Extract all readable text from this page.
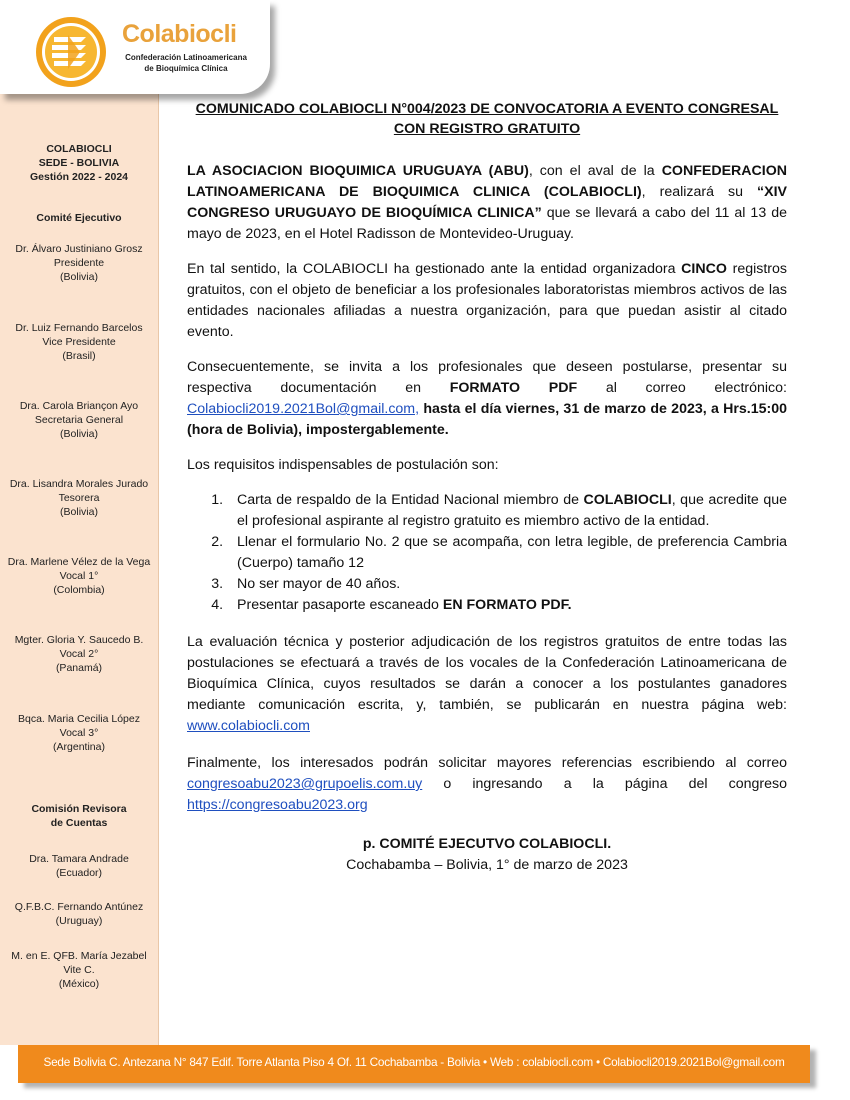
Colabiocli
Confederación Latinoamericana
de Bioquímica Clínica
COLABIOCLI
SEDE - BOLIVIA
Gestión 2022 - 2024
Comité Ejecutivo
Dr. Álvaro Justiniano Grosz
Presidente
(Bolivia)
Dr. Luiz Fernando Barcelos
Vice Presidente
(Brasil)
Dra. Carola Briançon Ayo
Secretaria General
(Bolivia)
Dra. Lisandra Morales Jurado
Tesorera
(Bolivia)
Dra. Marlene Vélez de la Vega
Vocal 1°
(Colombia)
Mgter. Gloria Y. Saucedo B.
Vocal 2°
(Panamá)
Bqca. Maria Cecilia López
Vocal 3°
(Argentina)
Comisión Revisora
de Cuentas
Dra. Tamara Andrade
(Ecuador)
Q.F.B.C. Fernando Antúnez
(Uruguay)
M. en E. QFB. María Jezabel
Vite C.
(México)
COMUNICADO COLABIOCLI N°004/2023 DE CONVOCATORIA A EVENTO CONGRESAL
CON REGISTRO GRATUITO

LA ASOCIACION BIOQUIMICA URUGUAYA (ABU), con el aval de la CONFEDERACION LATINOAMERICANA DE BIOQUIMICA CLINICA (COLABIOCLI), realizará su “XIV CONGRESO URUGUAYO DE BIOQUÍMICA CLINICA” que se llevará a cabo del 11 al 13 de mayo de 2023, en el Hotel Radisson de Montevideo-Uruguay.

En tal sentido, la COLABIOCLI ha gestionado ante la entidad organizadora CINCO registros gratuitos, con el objeto de beneficiar a los profesionales laboratoristas miembros activos de las entidades nacionales afiliadas a nuestra organización, para que puedan asistir al citado evento.

Consecuentemente, se invita a los profesionales que deseen postularse, presentar su respectiva documentación en FORMATO PDF al correo electrónico: Colabiocli2019.2021Bol@gmail.com, hasta el día viernes, 31 de marzo de 2023, a Hrs.15:00 (hora de Bolivia), impostergablemente.

Los requisitos indispensables de postulación son:

1. Carta de respaldo de la Entidad Nacional miembro de COLABIOCLI, que acredite que el profesional aspirante al registro gratuito es miembro activo de la entidad.
2. Llenar el formulario No. 2 que se acompaña, con letra legible, de preferencia Cambria (Cuerpo) tamaño 12
3. No ser mayor de 40 años.
4. Presentar pasaporte escaneado EN FORMATO PDF.

La evaluación técnica y posterior adjudicación de los registros gratuitos de entre todas las postulaciones se efectuará a través de los vocales de la Confederación Latinoamericana de Bioquímica Clínica, cuyos resultados se darán a conocer a los postulantes ganadores mediante comunicación escrita, y, también, se publicarán en nuestra página web: www.colabiocli.com

Finalmente, los interesados podrán solicitar mayores referencias escribiendo al correo congresoabu2023@grupoelis.com.uy o ingresando a la página del congreso https://congresoabu2023.org

p. COMITÉ EJECUTVO COLABIOCLI.
Cochabamba – Bolivia, 1° de marzo de 2023
Sede Bolivia C. Antezana N° 847 Edif. Torre Atlanta Piso 4 Of. 11 Cochabamba - Bolivia • Web : colabiocli.com • Colabiocli2019.2021Bol@gmail.com
